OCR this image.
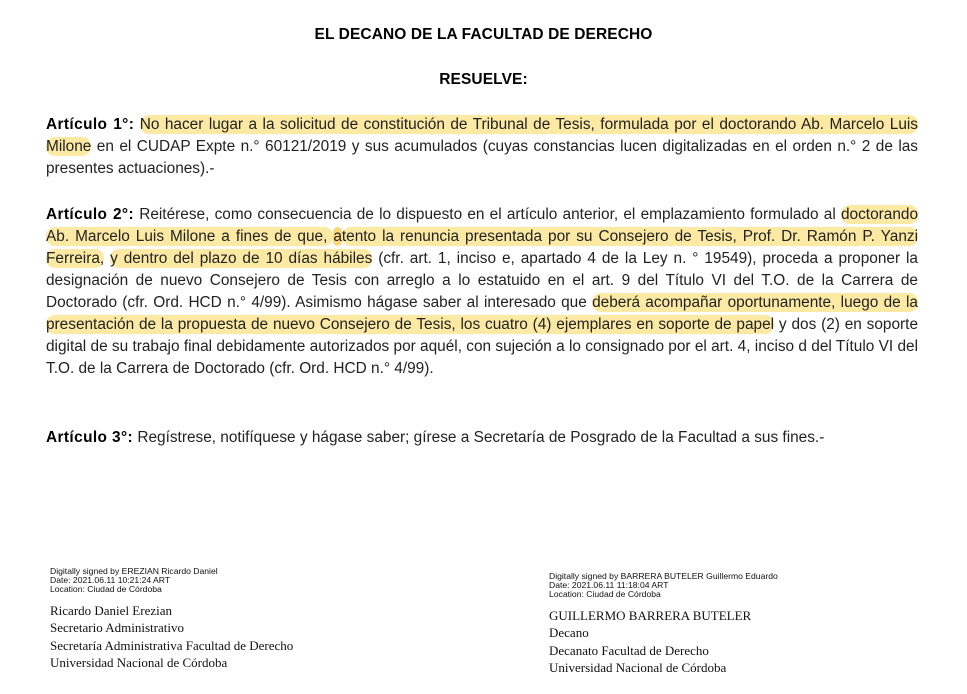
EL DECANO DE LA FACULTAD DE DERECHO
RESUELVE:
Artículo 1°: No hacer lugar a la solicitud de constitución de Tribunal de Tesis, formulada por el doctorando Ab. Marcelo Luis Milone en el CUDAP Expte n.° 60121/2019 y sus acumulados (cuyas constancias lucen digitalizadas en el orden n.° 2 de las presentes actuaciones).-
Artículo 2°: Reitérese, como consecuencia de lo dispuesto en el artículo anterior, el emplazamiento formulado al doctorando Ab. Marcelo Luis Milone a fines de que, atento la renuncia presentada por su Consejero de Tesis, Prof. Dr. Ramón P. Yanzi Ferreira, y dentro del plazo de 10 días hábiles (cfr. art. 1, inciso e, apartado 4 de la Ley n. ° 19549), proceda a proponer la designación de nuevo Consejero de Tesis con arreglo a lo estatuido en el art. 9 del Título VI del T.O. de la Carrera de Doctorado (cfr. Ord. HCD n.° 4/99). Asimismo hágase saber al interesado que deberá acompañar oportunamente, luego de la presentación de la propuesta de nuevo Consejero de Tesis, los cuatro (4) ejemplares en soporte de papel y dos (2) en soporte digital de su trabajo final debidamente autorizados por aquél, con sujeción a lo consignado por el art. 4, inciso d del Título VI del T.O. de la Carrera de Doctorado (cfr. Ord. HCD n.° 4/99).
Artículo 3°: Regístrese, notifíquese y hágase saber; gírese a Secretaría de Posgrado de la Facultad a sus fines.-
Digitally signed by EREZIAN Ricardo Daniel
Date: 2021.06.11 10:21:24 ART
Location: Ciudad de Córdoba
Ricardo Daniel Erezian
Secretario Administrativo
Secretaría Administrativa Facultad de Derecho
Universidad Nacional de Córdoba
Digitally signed by BARRERA BUTELER Guillermo Eduardo
Date: 2021.06.11 11:18:04 ART
Location: Ciudad de Córdoba
GUILLERMO BARRERA BUTELER
Decano
Decanato Facultad de Derecho
Universidad Nacional de Córdoba
